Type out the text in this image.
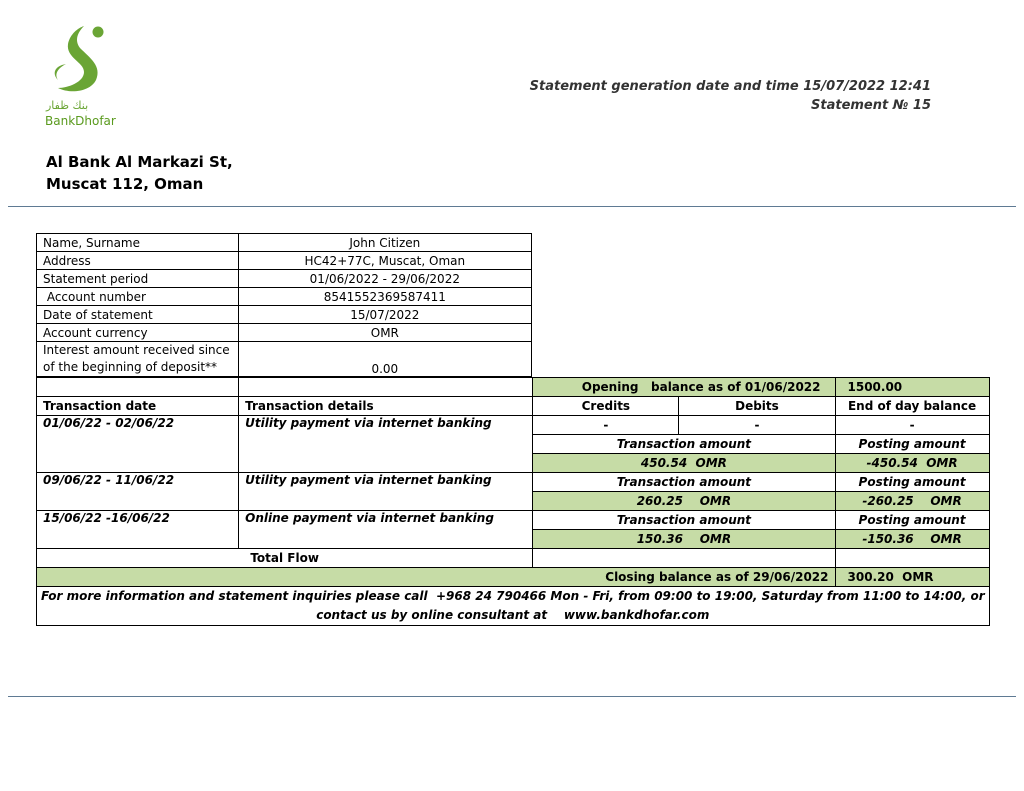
بنك ظفار
BankDhofar
Statement generation date and time 15/07/2022 12:41
Statement № 15
Al Bank Al Markazi St,
Muscat 112, Oman
Name, Surname	John Citizen
Address	HC42+77C, Muscat, Oman
Statement period	01/06/2022 - 29/06/2022
Account number	8541552369587411
Date of statement	15/07/2022
Account currency	OMR

Interest amount received since
of the beginning of deposit**	0.00
		Opening   balance as of 01/06/2022		1500.00
Transaction date	Transaction details	Credits	Debits	End of day balance
01/06/22 - 02/06/22	Utility payment via internet banking	-	-	-
		Transaction amount		Posting amount
		450.54  OMR		-450.54  OMR
09/06/22 - 11/06/22	Utility payment via internet banking	Transaction amount		Posting amount
		260.25    OMR		-260.25    OMR
15/06/22 -16/06/22	Online payment via internet banking	Transaction amount		Posting amount
		150.36    OMR		-150.36    OMR
Total Flow				
Closing balance as of 29/06/2022				300.20  OMR

For more information and statement inquiries please call  +968 24 790466 Mon - Fri, from 09:00 to 19:00, Saturday from 11:00 to 14:00, or
contact us by online consultant at    www.bankdhofar.com				
